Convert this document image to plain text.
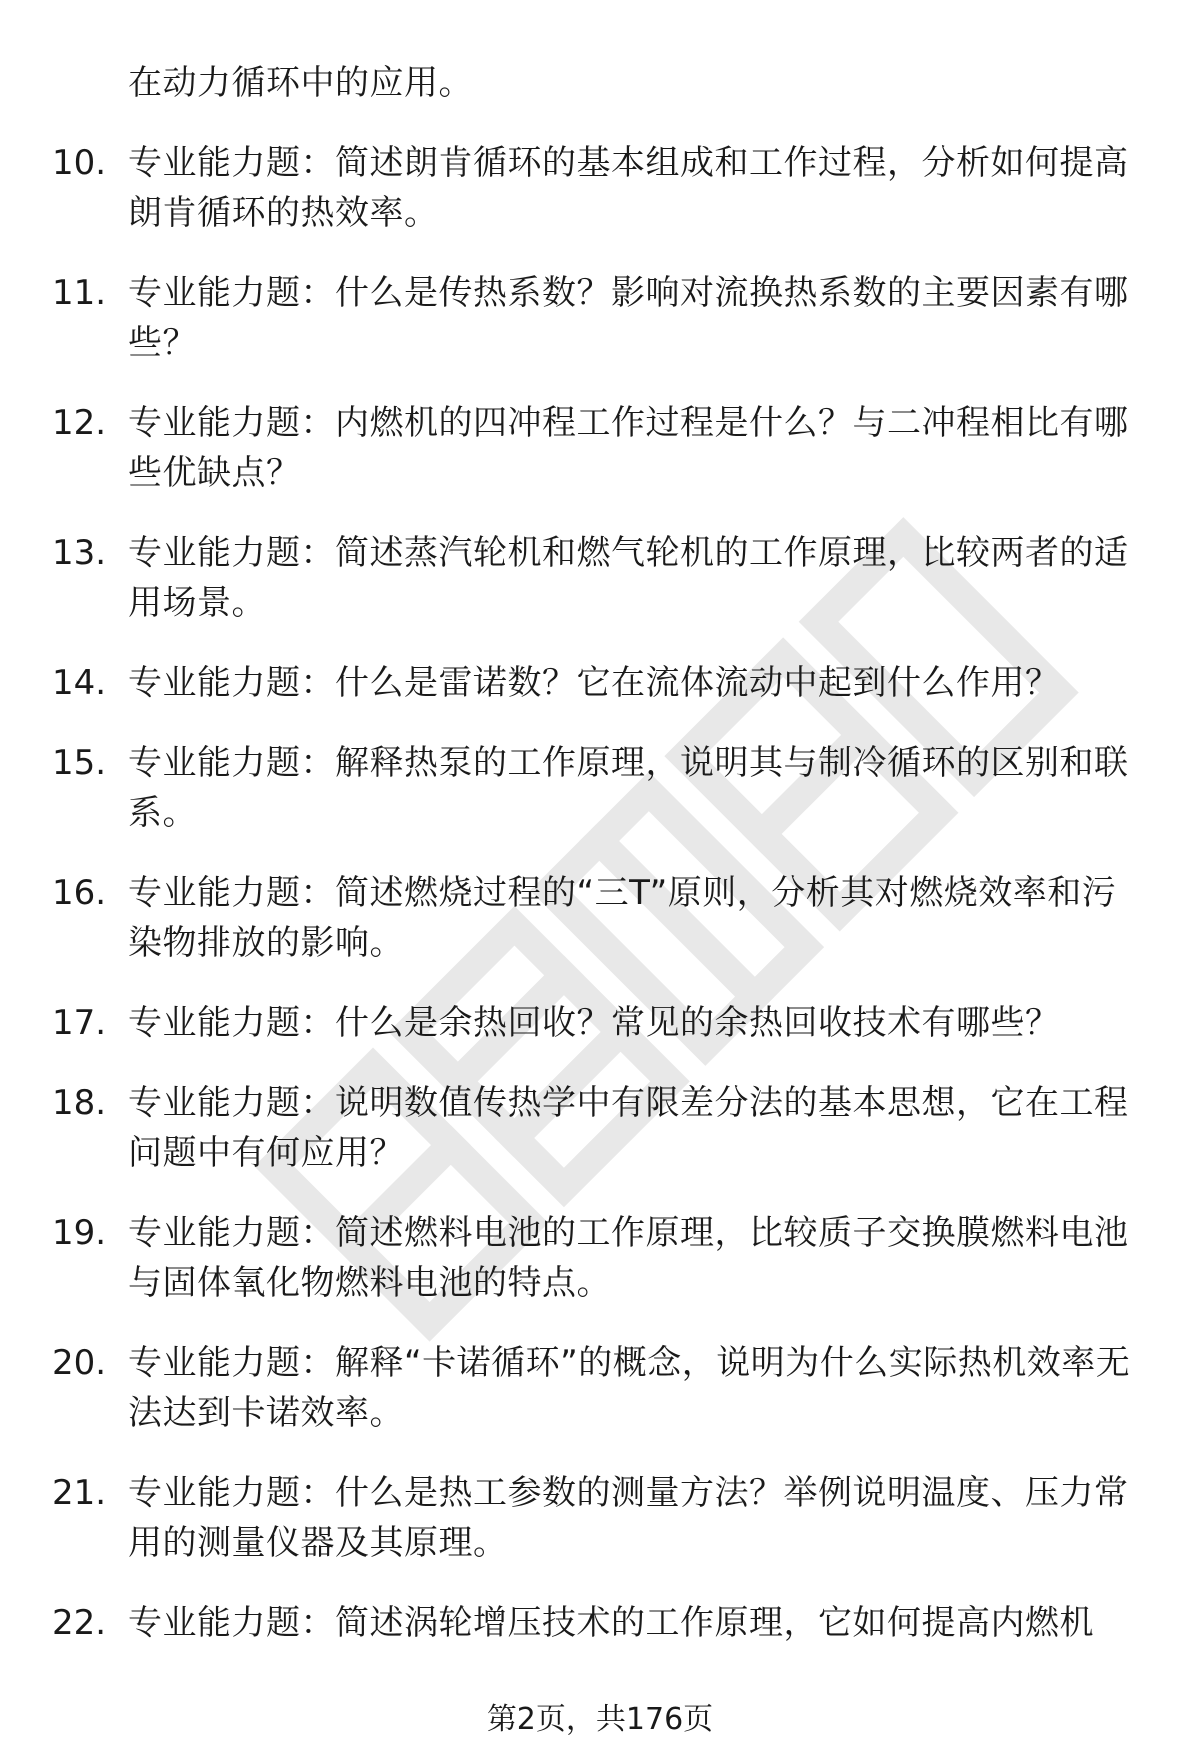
在动力循环中的应用。

10. 专业能力题：简述朗肯循环的基本组成和工作过程，分析如何提高朗肯循环的热效率。
11. 专业能力题：什么是传热系数？影响对流换热系数的主要因素有哪些？
12. 专业能力题：内燃机的四冲程工作过程是什么？与二冲程相比有哪些优缺点？
13. 专业能力题：简述蒸汽轮机和燃气轮机的工作原理，比较两者的适用场景。
14. 专业能力题：什么是雷诺数？它在流体流动中起到什么作用？
15. 专业能力题：解释热泵的工作原理，说明其与制冷循环的区别和联系。
16. 专业能力题：简述燃烧过程的“三T”原则，分析其对燃烧效率和污染物排放的影响。
17. 专业能力题：什么是余热回收？常见的余热回收技术有哪些？
18. 专业能力题：说明数值传热学中有限差分法的基本思想，它在工程问题中有何应用？
19. 专业能力题：简述燃料电池的工作原理，比较质子交换膜燃料电池与固体氧化物燃料电池的特点。
20. 专业能力题：解释“卡诺循环”的概念，说明为什么实际热机效率无法达到卡诺效率。
21. 专业能力题：什么是热工参数的测量方法？举例说明温度、压力常用的测量仪器及其原理。
22. 专业能力题：简述涡轮增压技术的工作原理，它如何提高内燃机
第2页，共176页
